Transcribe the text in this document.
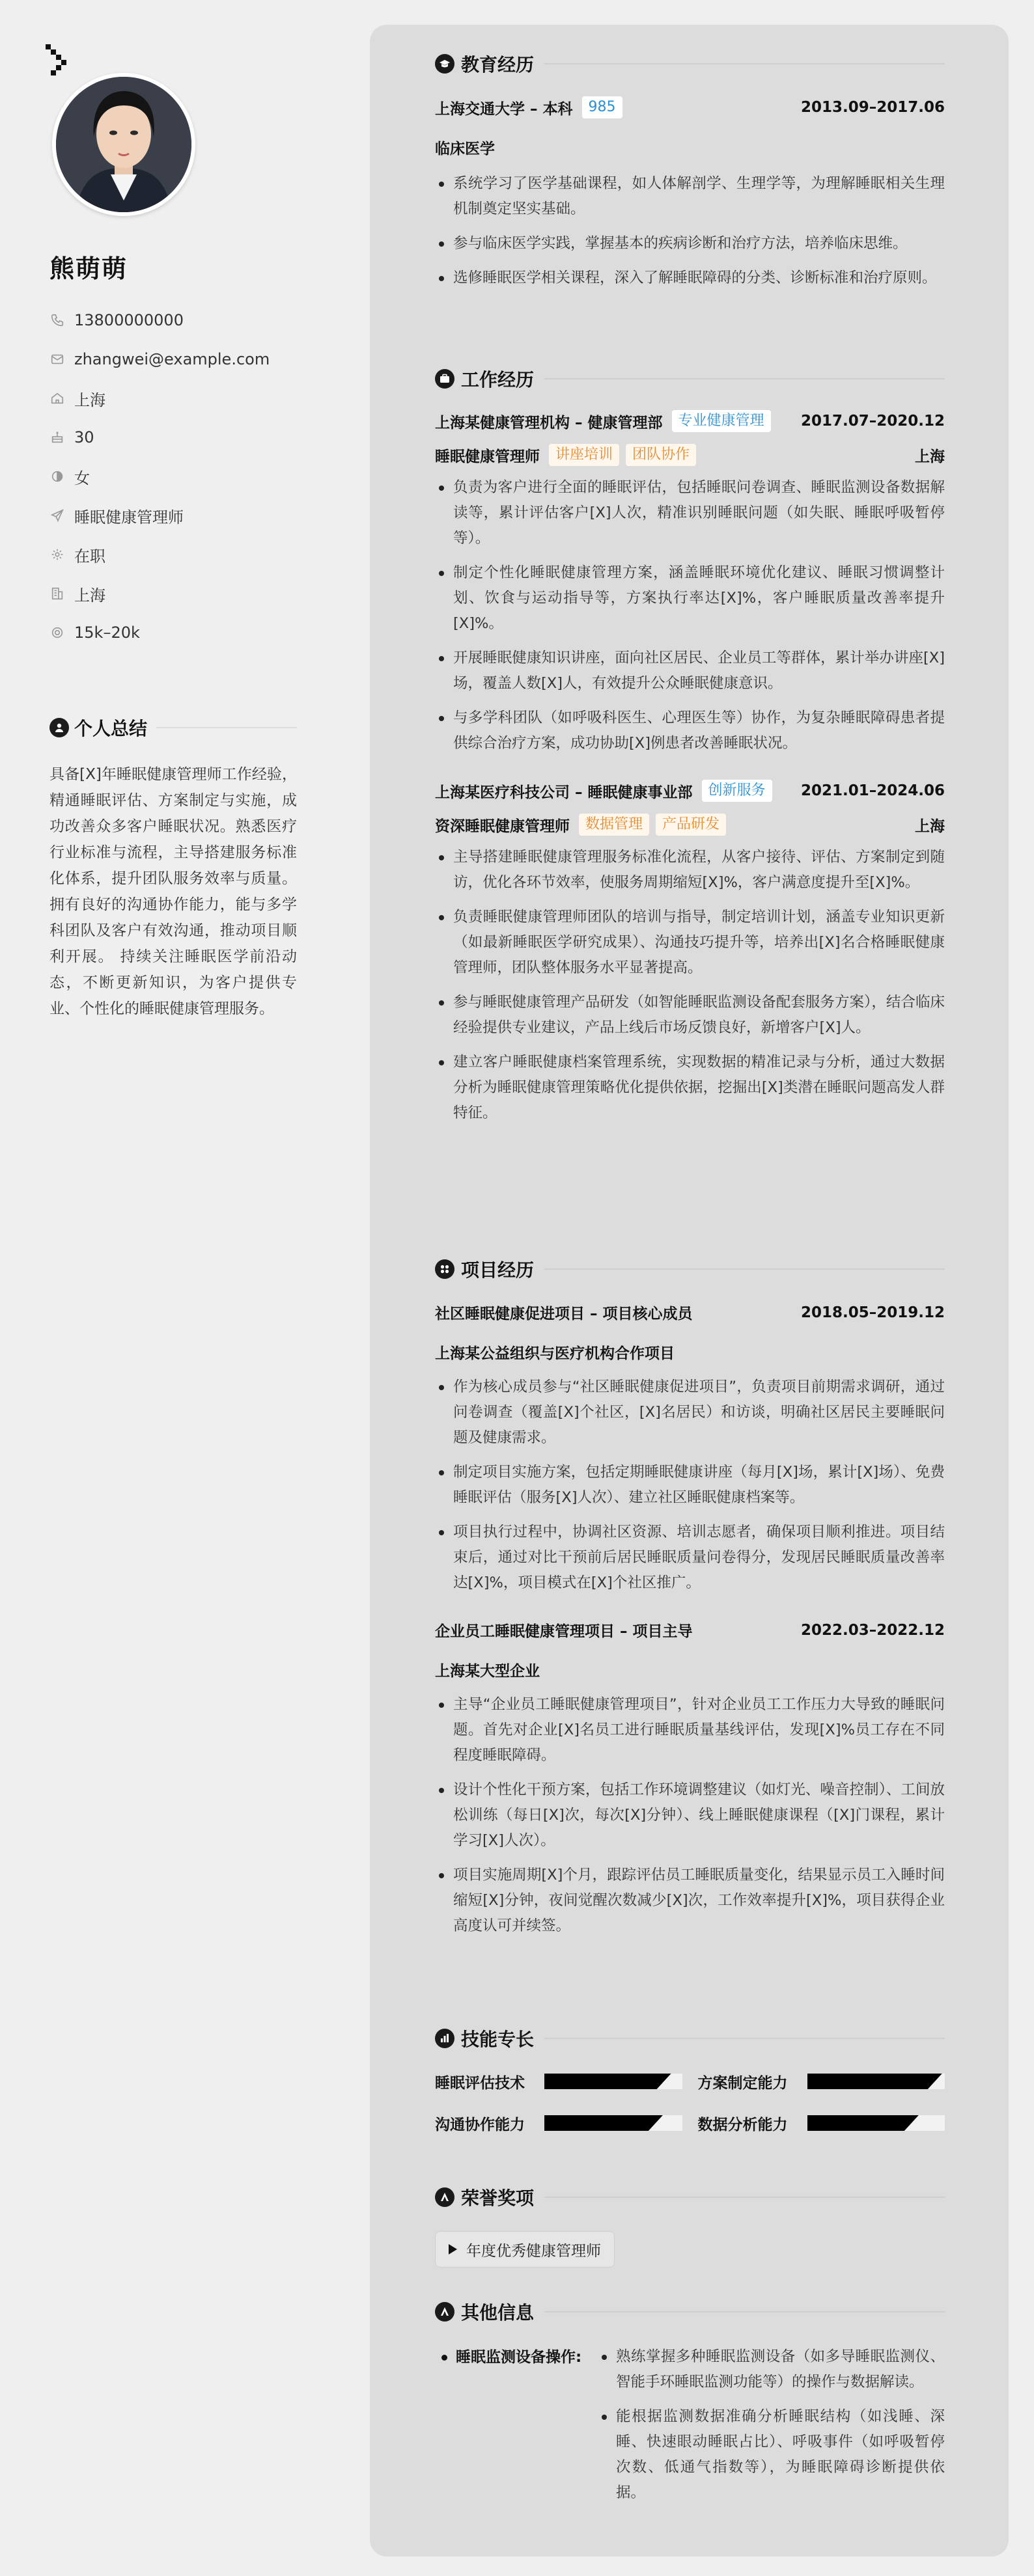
熊萌萌
13800000000
zhangwei@example.com
上海
30
女
睡眠健康管理师
在职
上海
15k–20k
个人总结
具备[X]年睡眠健康管理师工作经验，精通睡眠评估、方案制定与实施，成功改善众多客户睡眠状况。熟悉医疗行业标准与流程，主导搭建服务标准化体系，提升团队服务效率与质量。 拥有良好的沟通协作能力，能与多学科团队及客户有效沟通，推动项目顺利开展。 持续关注睡眠医学前沿动态，不断更新知识，为客户提供专业、个性化的睡眠健康管理服务。
教育经历
上海交通大学 – 本科	985	2013.09–2017.06
临床医学
系统学习了医学基础课程，如人体解剖学、生理学等，为理解睡眠相关生理机制奠定坚实基础。
参与临床医学实践，掌握基本的疾病诊断和治疗方法，培养临床思维。
选修睡眠医学相关课程，深入了解睡眠障碍的分类、诊断标准和治疗原则。
工作经历
上海某健康管理机构 – 健康管理部	专业健康管理	2017.07–2020.12
睡眠健康管理师	讲座培训	团队协作	上海
负责为客户进行全面的睡眠评估，包括睡眠问卷调查、睡眠监测设备数据解读等，累计评估客户[X]人次，精准识别睡眠问题（如失眠、睡眠呼吸暂停等）。
制定个性化睡眠健康管理方案，涵盖睡眠环境优化建议、睡眠习惯调整计划、饮食与运动指导等，方案执行率达[X]%，客户睡眠质量改善率提升[X]%。
开展睡眠健康知识讲座，面向社区居民、企业员工等群体，累计举办讲座[X]场，覆盖人数[X]人，有效提升公众睡眠健康意识。
与多学科团队（如呼吸科医生、心理医生等）协作，为复杂睡眠障碍患者提供综合治疗方案，成功协助[X]例患者改善睡眠状况。
上海某医疗科技公司 – 睡眠健康事业部	创新服务	2021.01–2024.06
资深睡眠健康管理师	数据管理	产品研发	上海
主导搭建睡眠健康管理服务标准化流程，从客户接待、评估、方案制定到随访，优化各环节效率，使服务周期缩短[X]%，客户满意度提升至[X]%。
负责睡眠健康管理师团队的培训与指导，制定培训计划，涵盖专业知识更新（如最新睡眠医学研究成果）、沟通技巧提升等，培养出[X]名合格睡眠健康管理师，团队整体服务水平显著提高。
参与睡眠健康管理产品研发（如智能睡眠监测设备配套服务方案），结合临床经验提供专业建议，产品上线后市场反馈良好，新增客户[X]人。
建立客户睡眠健康档案管理系统，实现数据的精准记录与分析，通过大数据分析为睡眠健康管理策略优化提供依据，挖掘出[X]类潜在睡眠问题高发人群特征。
项目经历
社区睡眠健康促进项目 – 项目核心成员	2018.05–2019.12
上海某公益组织与医疗机构合作项目
作为核心成员参与“社区睡眠健康促进项目”，负责项目前期需求调研，通过问卷调查（覆盖[X]个社区，[X]名居民）和访谈，明确社区居民主要睡眠问题及健康需求。
制定项目实施方案，包括定期睡眠健康讲座（每月[X]场，累计[X]场）、免费睡眠评估（服务[X]人次）、建立社区睡眠健康档案等。
项目执行过程中，协调社区资源、培训志愿者，确保项目顺利推进。项目结束后，通过对比干预前后居民睡眠质量问卷得分，发现居民睡眠质量改善率达[X]%，项目模式在[X]个社区推广。
企业员工睡眠健康管理项目 – 项目主导	2022.03–2022.12
上海某大型企业
主导“企业员工睡眠健康管理项目”，针对企业员工工作压力大导致的睡眠问题。首先对企业[X]名员工进行睡眠质量基线评估，发现[X]%员工存在不同程度睡眠障碍。
设计个性化干预方案，包括工作环境调整建议（如灯光、噪音控制）、工间放松训练（每日[X]次，每次[X]分钟）、线上睡眠健康课程（[X]门课程，累计学习[X]人次）。
项目实施周期[X]个月，跟踪评估员工睡眠质量变化，结果显示员工入睡时间缩短[X]分钟，夜间觉醒次数减少[X]次，工作效率提升[X]%，项目获得企业高度认可并续签。
技能专长
睡眠评估技术	方案制定能力
沟通协作能力	数据分析能力
荣誉奖项
年度优秀健康管理师
其他信息
睡眠监测设备操作:	熟练掌握多种睡眠监测设备（如多导睡眠监测仪、智能手环睡眠监测功能等）的操作与数据解读。
能根据监测数据准确分析睡眠结构（如浅睡、深睡、快速眼动睡眠占比）、呼吸事件（如呼吸暂停次数、低通气指数等），为睡眠障碍诊断提供依据。
